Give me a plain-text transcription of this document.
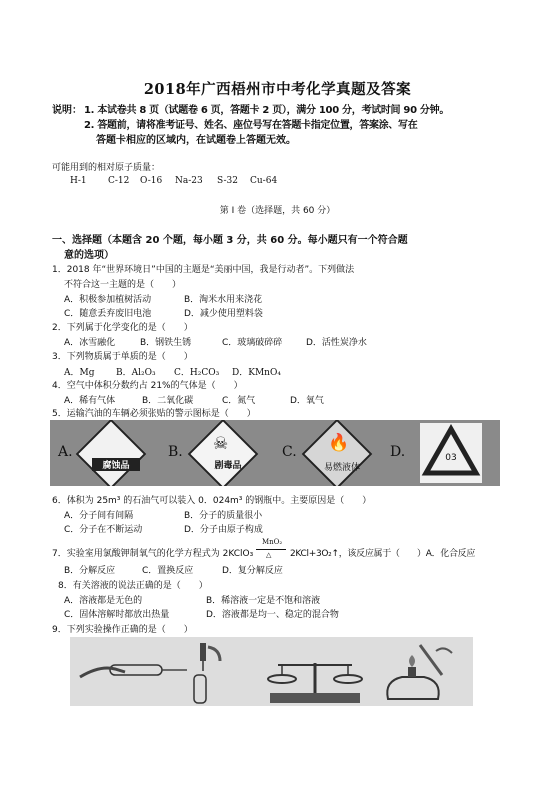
2018年广西梧州市中考化学真题及答案
说明： 1. 本试卷共 8 页（试题卷 6 页，答题卡 2 页），满分 100 分，考试时间 90 分钟。
2. 答题前，请将准考证号、姓名、座位号写在答题卡指定位置，答案涂、写在
答题卡相应的区域内，在试题卷上答题无效。
可能用到的相对原子质量：
H-1 C-12 O-16 Na-23 S-32 Cu-64
第 Ⅰ 卷（选择题，共 60 分）
一、选择题（本题含 20 个题，每小题 3 分，共 60 分。每小题只有一个符合题
意的选项）
1．2018 年“世界环境日”中国的主题是“美丽中国，我是行动者”。下列做法
不符合这一主题的是（　　）
A．积极参加植树活动	B．淘米水用来浇花
C．随意丢弃废旧电池	D．减少使用塑料袋
2．下列属于化学变化的是（　　）
A．冰雪融化	B．钢铁生锈	C．玻璃破碎碎	D．活性炭净水
3．下列物质属于单质的是（　　）
A．Mg B．Al₂O₃ C．H₂CO₃ D．KMnO₄
4．空气中体积分数约占 21%的气体是（　　）
A．稀有气体	B．二氧化碳	C．氮气	D．氧气
5．运输汽油的车辆必须张贴的警示图标是（　　）
A.
腐蚀品
B. ☠
剧毒品
C. 🔥
易燃液体
D.	03
6．体积为 25m³ 的石油气可以装入 0．024m³ 的钢瓶中。主要原因是（　　）
A．分子间有间隔	B．分子的质量很小
C．分子在不断运动	D．分子由原子构成
MnO₂
7．实验室用氯酸钾制氧气的化学方程式为 2KClO₃ △ 2KCl+3O₂↑，该反应属于（　　）A．化合反应
B．分解反应	C．置换反应	D．复分解反应
8．有关溶液的说法正确的是（　　）
A．溶液都是无色的	B．稀溶液一定是不饱和溶液
C．固体溶解时都放出热量	D．溶液都是均一、稳定的混合物
9．下列实验操作正确的是（　　）
